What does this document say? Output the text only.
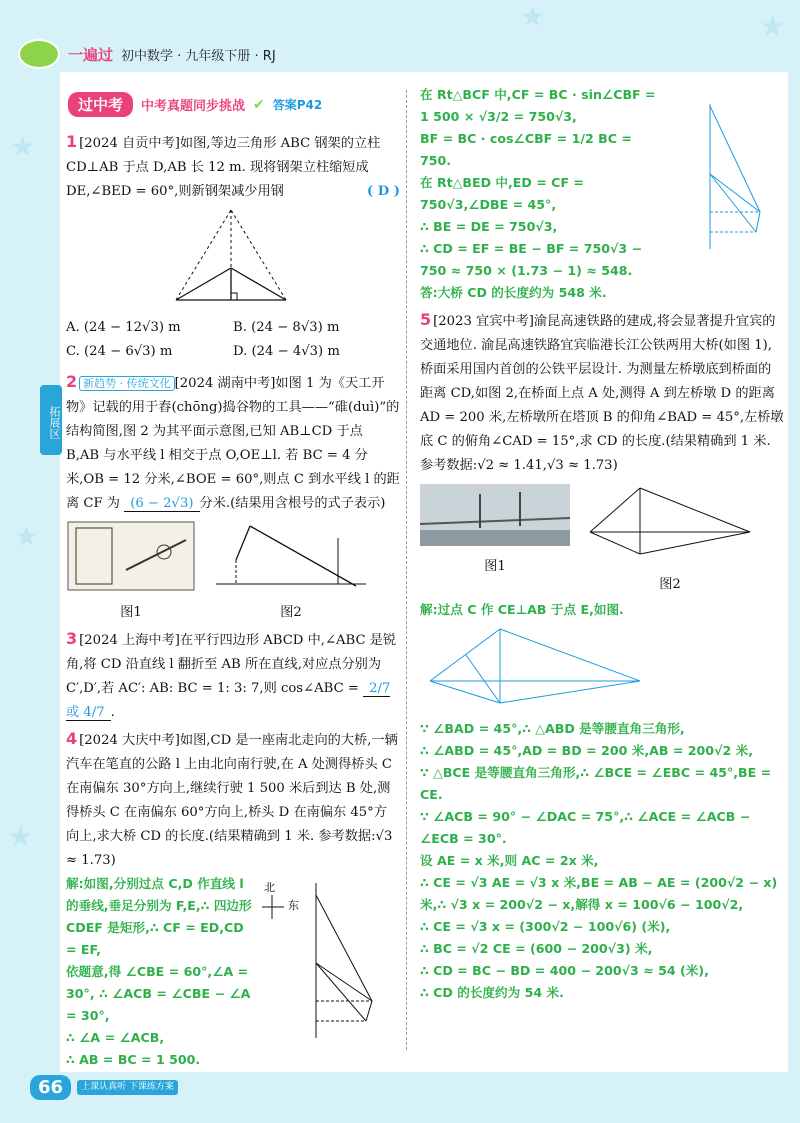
★
★
★
★
★
一遍过 初中数学 · 九年级下册 · RJ
过中考	中考真题同步挑战 ✔ 答案P42
拓展区

1 [2024 自贡中考]如图,等边三角形 ABC 钢架的立柱 CD⊥AB 于点 D,AB 长 12 m. 现将钢架立柱缩短成 DE,∠BED = 60°,则新钢架减少用钢	( D )

A. (24 − 12√3) m	B. (24 − 8√3) m
C. (24 − 6√3) m	D. (24 − 4√3) m

2 新趋势 · 传统文化 [2024 湖南中考]如图 1 为《天工开物》记载的用于舂(chōng)捣谷物的工具——“碓(duì)”的结构简图,图 2 为其平面示意图,已知 AB⊥CD 于点 B,AB 与水平线 l 相交于点 O,OE⊥l. 若 BC = 4 分米,OB = 12 分米,∠BOE = 60°,则点 C 到水平线 l 的距离 CF 为 (6 − 2√3) 分米.(结果用含根号的式子表示)

图1	图2

3 [2024 上海中考]在平行四边形 ABCD 中,∠ABC 是锐角,将 CD 沿直线 l 翻折至 AB 所在直线,对应点分别为 C′,D′,若 AC′: AB: BC = 1: 3: 7,则 cos∠ABC = 2/7 或 4/7 .

4 [2024 大庆中考]如图,CD 是一座南北走向的大桥,一辆汽车在笔直的公路 l 上由北向南行驶,在 A 处测得桥头 C 在南偏东 30°方向上,继续行驶 1 500 米后到达 B 处,测得桥头 C 在南偏东 60°方向上,桥头 D 在南偏东 45°方向上,求大桥 CD 的长度.(结果精确到 1 米. 参考数据:√3 ≈ 1.73)

解:如图,分别过点 C,D 作直线 l 的垂线,垂足分别为 F,E,∴ 四边形 CDEF 是矩形,∴ CF = ED,CD = EF,

依题意,得 ∠CBE = 60°,∠A = 30°, ∴ ∠ACB = ∠CBE − ∠A = 30°,

∴ ∠A = ∠ACB,

∴ AB = BC = 1 500.

北
东

在 Rt△BCF 中,CF = BC · sin∠CBF = 1 500 × √3/2 = 750√3,

BF = BC · cos∠CBF = 1/2 BC = 750.

在 Rt△BED 中,ED = CF = 750√3,∠DBE = 45°,

∴ BE = DE = 750√3,

∴ CD = EF = BE − BF = 750√3 − 750 ≈ 750 × (1.73 − 1) ≈ 548.

答:大桥 CD 的长度约为 548 米.

5 [2023 宜宾中考]渝昆高速铁路的建成,将会显著提升宜宾的交通地位. 渝昆高速铁路宜宾临港长江公铁两用大桥(如图 1),桥面采用国内首创的公铁平层设计. 为测量左桥墩底到桥面的距离 CD,如图 2,在桥面上点 A 处,测得 A 到左桥墩 D 的距离 AD = 200 米,左桥墩所在塔顶 B 的仰角∠BAD = 45°,左桥墩底 C 的俯角∠CAD = 15°,求 CD 的长度.(结果精确到 1 米. 参考数据:√2 ≈ 1.41,√3 ≈ 1.73)

图1
图2

解:过点 C 作 CE⊥AB 于点 E,如图.

∵ ∠BAD = 45°,∴ △ABD 是等腰直角三角形,

∴ ∠ABD = 45°,AD = BD = 200 米,AB = 200√2 米,

∵ △BCE 是等腰直角三角形,∴ ∠BCE = ∠EBC = 45°,BE = CE.

∵ ∠ACB = 90° − ∠DAC = 75°,∴ ∠ACE = ∠ACB − ∠ECB = 30°.

设 AE = x 米,则 AC = 2x 米,

∴ CE = √3 AE = √3 x 米,BE = AB − AE = (200√2 − x) 米,∴ √3 x = 200√2 − x,解得 x = 100√6 − 100√2,

∴ CE = √3 x = (300√2 − 100√6) (米),

∴ BC = √2 CE = (600 − 200√3) 米,

∴ CD = BC − BD = 400 − 200√3 ≈ 54 (米),

∴ CD 的长度约为 54 米.

66	上课认真听 下课练方案
